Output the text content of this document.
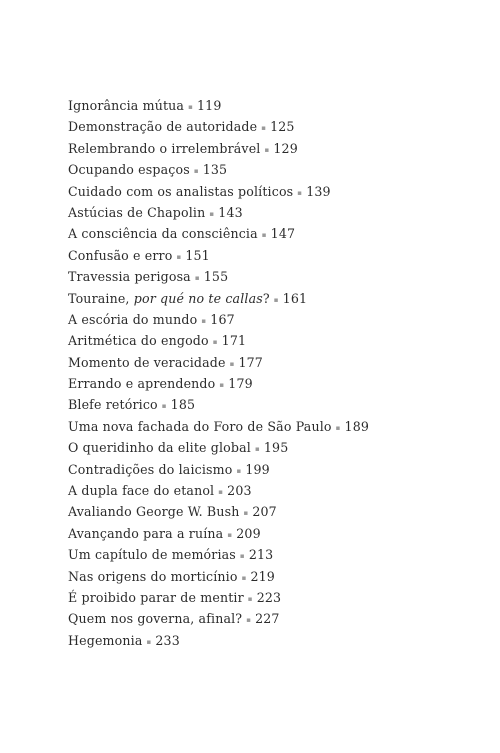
Ignorância mútua ▪ 119
Demonstração de autoridade ▪ 125
Relembrando o irrelembrável ▪ 129
Ocupando espaços ▪ 135
Cuidado com os analistas políticos ▪ 139
Astúcias de Chapolin ▪ 143
A consciência da consciência ▪ 147
Confusão e erro ▪ 151
Travessia perigosa ▪ 155
Touraine, por qué no te callas? ▪ 161
A escória do mundo ▪ 167
Aritmética do engodo ▪ 171
Momento de veracidade ▪ 177
Errando e aprendendo ▪ 179
Blefe retórico ▪ 185
Uma nova fachada do Foro de São Paulo ▪ 189
O queridinho da elite global ▪ 195
Contradições do laicismo ▪ 199
A dupla face do etanol ▪ 203
Avaliando George W. Bush ▪ 207
Avançando para a ruína ▪ 209
Um capítulo de memórias ▪ 213
Nas origens do morticínio ▪ 219
É proibido parar de mentir ▪ 223
Quem nos governa, afinal? ▪ 227
Hegemonia ▪ 233
